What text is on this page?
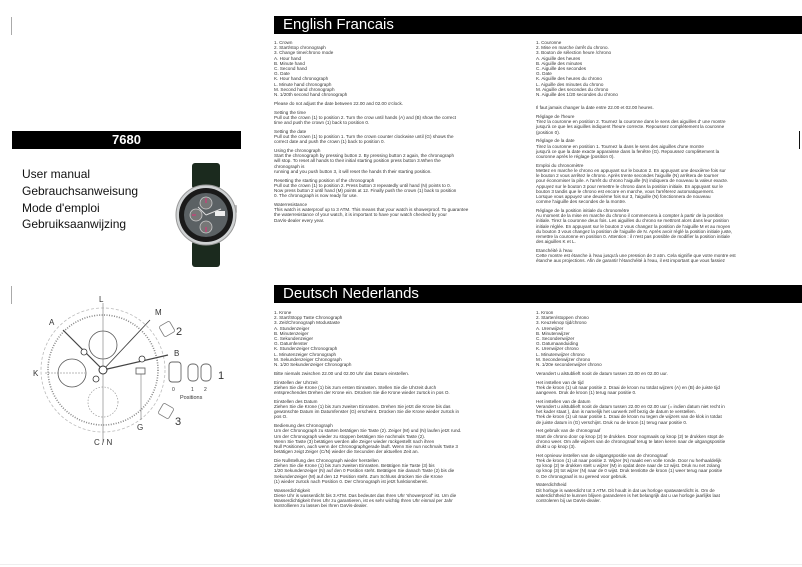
7680
User manual
Gebrauchsanweisung
Mode d'emploi
Gebruiksaanwijzing
L
M
A
K
B
G
C / N
2
1
3
0	1 2
Positions
English Francais
Deutsch Nederlands
1. Crown
2. Start/stop chronograph
3. Change time/chrono mode
A. Hour hand
B. Minute hand
C. Second hand
G. Date
K. Hour hand chronograph
L. Minute hand chronograph
M. Second hand chronograph
N. 1/20th second hand chronograph
Please do not adjust the date between 22.00 and 02.00 o'clock.
Setting the time
Pull out the crown (1) to position 2. Turn the crow until hands (A) and (B) show the correct
time and push the crown (1) back to position 0.
Setting the date
Pull out the crown (1) to position 1. Turn the crown counter clockwise until (G) shows the
correct date and push the crown (1) back to position 0.
Using the chronograph
Start the chronograph by pressing button 2. By pressing button 2 again, the chronograph
will stop. To reset all hands to their initial starting position press button 3.When the
chronograph is
running and you push button 3, it will reset the hands th their starting position.
Resetting the starting position of the chronograph
Pull out the crown (1) to position 2. Press button 3 repeatedly until hand (N) points to 0.
Now press button 2 until hand (M) points at 12. Finally push the crown (1) back to position
0. The chronograph is now ready for use.
Waterresistance
This watch is waterproof up to 3 ATM. This means that your watch is showerproof. To guarantee
the waterresistance of your watch, it is important to have your watch checked by your
DaVis-dealer every year.
1. Couronne
2. Mise en marche /arrêt du chrono.
3. Bouton de sélection heure /chrono
A. Aiguille des heures
B. Aiguille des minutes
C. Aiguille des secondes
G. Date
K. Aiguille des heures du chrono
L. Aiguille des minutes du chrono
M. Aiguille des secondes du chrono
N. Aiguille des 1/20 secondes du chrono
Il faut jamais changer la date entre 22.00 et 02.00 heures.
Réglage de l'heure
Tirez la couronne en position 2. Tournez la couronne dans le sens des aiguilles d' une montre
jusqu'à ce que les aiguilles indiquent l'heure correcte. Repoussez complètement la couronne
(position 0).
Réglage de la date
Tirez la couronne en position 1. Tournez la dans le sens des aiguilles d'une montre
jusqu'à ce que la date exacte apparaisse dans la fenêtre (G). Repoussez complètement la
couronne après le réglage (position 0).
Emploi du chronomètre
Mettez en marche le chrono en appuyant sur le bouton 2. En appuyant une deuxième fois sur
le bouton 2 vous arrêtez le chrono. Après trente secondes l'aiguille (N) arrêtera de tourner
pour économiser la pile. A l'arrêt du chrono l'aiguille (N) indiquera de nouveau la valeur exacte.
Appuyez sur le bouton 3 pour remettre le chrono dans la position initiale. En appuyant sur le
bouton 3 tandis que le chrono est encore en marche, vous l'arrêterez automatiquement.
Lorsque vous appuyez une deuxième fois sur 3, l'aiguille (N) fonctionnera de nouveau
comme l'aiguille des secondes de la montre.
Réglage de la position initiale du chronomètre
Au moment de la mise en marche du chrono il commencera à compter à partir de la position
initiale. Tirez la couronne deux fois. Les aiguilles du chrono se mettront alors dans leur position
initiale réglée. En appuyant sur le bouton 2 vous changez la position de l'aiguille M et au moyen
du bouton 3 vous changez la position de l'aiguille de N. Après avoir réglé la position initiale juste,
remettre la couronne en position 0. Attention : il n'est pas possible de modifier la position initiale
des aiguilles K et L.
Etanchéité à l'eau
Cette montre est étanche à l'eau jusqu'à une pression de 3 atm. Cela signifie que votre montre est
étanche aux projections. Afin de garantir l'étanchéité à l'eau, il est important que vous fassiez
1. Krone
2. Start/Stopp Taste Chronograph
3. Zeit/Chronograph Modustaste
A. Stundenzeiger
B. Minutenzeiger
C. Sekundenzeiger
G. Datumfenster
K. Stundenzeiger Chronograph
L. Minutenzeiger Chronograph
M. Sekundenzeiger Chronograph
N. 1/20 Sekundenzeiger Chronograph
Bitte niemals zwischen 22.00 und 02.00 Uhr das Datum einstellen.
Einstellen der Uhrzeit
Ziehen Sie die Krone (1) bis zum ersten Einrasten. Stellen Sie die Uhrzeit durch
entsprechendes Drehen der Krone ein. Drücken Sie die Krone wieder zurück in pos O.
Einstellen des Datum
Ziehen Sie die Krone (1) bis zum zweiten Einrasten. Drehen Sie jetzt die Krone bis das
gewünschte Datum im Datumfenster (G) erscheint. Drücken Sie die Krone wieder zurück in
pos O.
Bedienung des Chronograph
Um der Chronograph zu starten betätigen Sie Taste (2). Zeiger (M) und (N) laufen jetzt rund.
Um der Chronograph wieder zu stoppen betätigen Sie nochmals Taste (2).
Wenn Sie Taste (3) betätigen werden alle Zeiger wieder rückgestellt nach ihren
Null Positionen, auch wenn der Chronographgerade läuft. Wenn Sie nun nochmals Taste 3
betätigen zeigt Zeiger (C/N) wieder die Secunden der aktuellen Zeit an.
Die Nullstellung des Chronograph wieder herstellen
Ziehen Sie die Krone (1) bis zum zweiten Einrasten. Betätigen Sie Taste (3) bis
1/20 Sekundenzeiger (N) auf den 0 Position steht. Betätigen Sie danach Taste (2) bis die
Sekundenzeiger (M) auf den 12 Position steht. Zum Schluss drücken Sie die Krone
(1) wieder zurück nach Position 0. Der Chronograph ist jetzt funktionsbereit.
Wasserdichtigkeit
Diese Uhr is wasserdicht bis 3 ATM. Das bedeutet das Ihren Uhr 'showerproof' ist. Um die
Wasserdichtigkeit Ihres Uhr zu garantieren, ist es sehr wichtig Ihren Uhr einmal per Jahr
kontrollieren zu lassen bei Ihren DaVis-dealer.
1. Kroon
2. Starten/stoppen chrono
3. Keuzeknop tijd/chrono
A. Urenwijzer
B. Minutenwijzer
C. Secondenwijzer
G. Datumaanduiding
K. Urenwijzer chrono
L. Minutenwijzer chrono
M. Secondenwijzer chrono
N. 1/20e secondenwijzer chrono
Verandert u alstublieft nooit de datum tussen 22.00 en 02.00 uur.
Het instellen van de tijd
Trek de kroon (1) uit naar positie 2. Draai de kroon nu totdat wijzers (A) en (B) de juiste tijd
aangeven. Druk de kroon (1) terug naar positie 0.
Het instellen van de datum
Verandert u alstublieft nooit de datum tussen 22.00 en 02.00 uur (= indien datum niet recht in
het kader staat ), dan is namelijk het uurwerk zelf bezig de datum te verstellen.
Trek de kroon (1) uit naar positie 1. Draai de kroon nu tegen de wijzers van de klok in totdat
de juiste datum in (G) verschijnt. Druk nu de kroon (1) terug naar positie 0.
Het gebruik van de chronograaf
Start de chrono door op knop (2) te drukken. Door nogmaals op knop (2) te drukken stopt de
chrono weer. Om alle wijzers van de chronograaf terug te laten keren naar de uitgangspositie
drukt u op knop (3).
Het opnieuw instellen van de uitgangspositie van de chronograaf
Trek de kroon (1) uit naar positie 2. Wijzer (N) maakt een volle ronde. Door nu herhaaldelijk
op knop (2) te drukken stelt u wijzer (M) in opdat deze naar de 12 wijst. Druk nu net zolang
op knop (3) tot wijzer (N) naar de 0 wijst. Druk tenslotte de kroon (1) weer terug naar positie
0. De chronograaf is nu gereed voor gebruik.
Waterdichtheid
Dit horloge is waterdicht tot 3 ATM. Dit houdt in dat uw horloge spatwaterdicht is. Om de
waterdichtheid te kunnen blijven garanderen is het belangrijk dat u uw horloge jaarlijks laat
controleren bij uw DaVis-dealer.
